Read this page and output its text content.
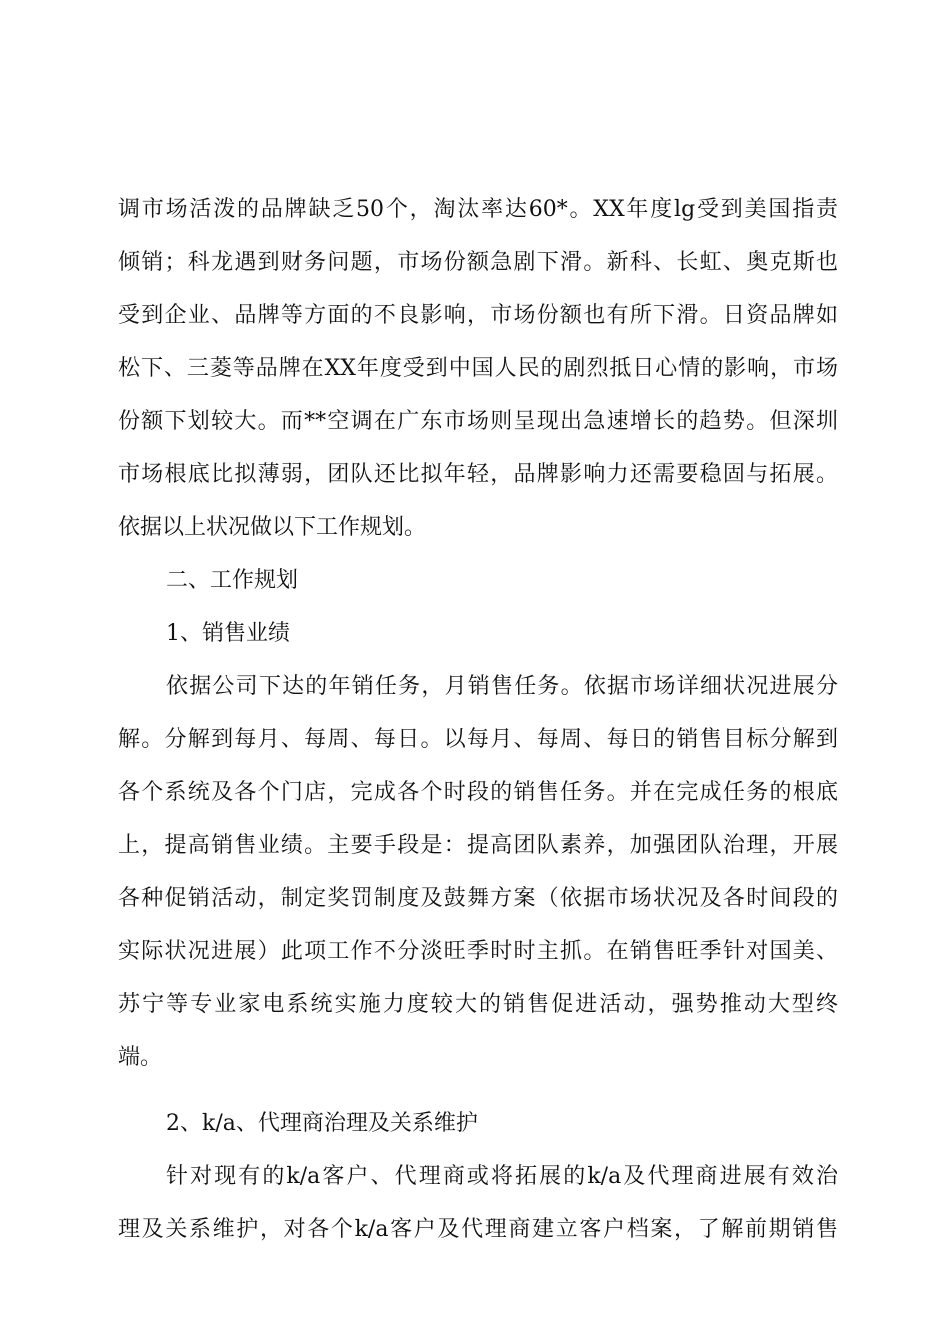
调市场活泼的品牌缺乏50个，淘汰率达60*。XX年度lg受到美国指责
倾销；科龙遇到财务问题，市场份额急剧下滑。新科、长虹、奥克斯也
受到企业、品牌等方面的不良影响，市场份额也有所下滑。日资品牌如
松下、三菱等品牌在XX年度受到中国人民的剧烈抵日心情的影响，市场
份额下划较大。而**空调在广东市场则呈现出急速增长的趋势。但深圳
市场根底比拟薄弱，团队还比拟年轻，品牌影响力还需要稳固与拓展。
依据以上状况做以下工作规划。
二、工作规划
1、销售业绩
依据公司下达的年销任务，月销售任务。依据市场详细状况进展分
解。分解到每月、每周、每日。以每月、每周、每日的销售目标分解到
各个系统及各个门店，完成各个时段的销售任务。并在完成任务的根底
上，提高销售业绩。主要手段是：提高团队素养，加强团队治理，开展
各种促销活动，制定奖罚制度及鼓舞方案（依据市场状况及各时间段的
实际状况进展）此项工作不分淡旺季时时主抓。在销售旺季针对国美、
苏宁等专业家电系统实施力度较大的销售促进活动，强势推动大型终
端。
2、k/a、代理商治理及关系维护
针对现有的k/a客户、代理商或将拓展的k/a及代理商进展有效治
理及关系维护，对各个k/a客户及代理商建立客户档案，了解前期销售
